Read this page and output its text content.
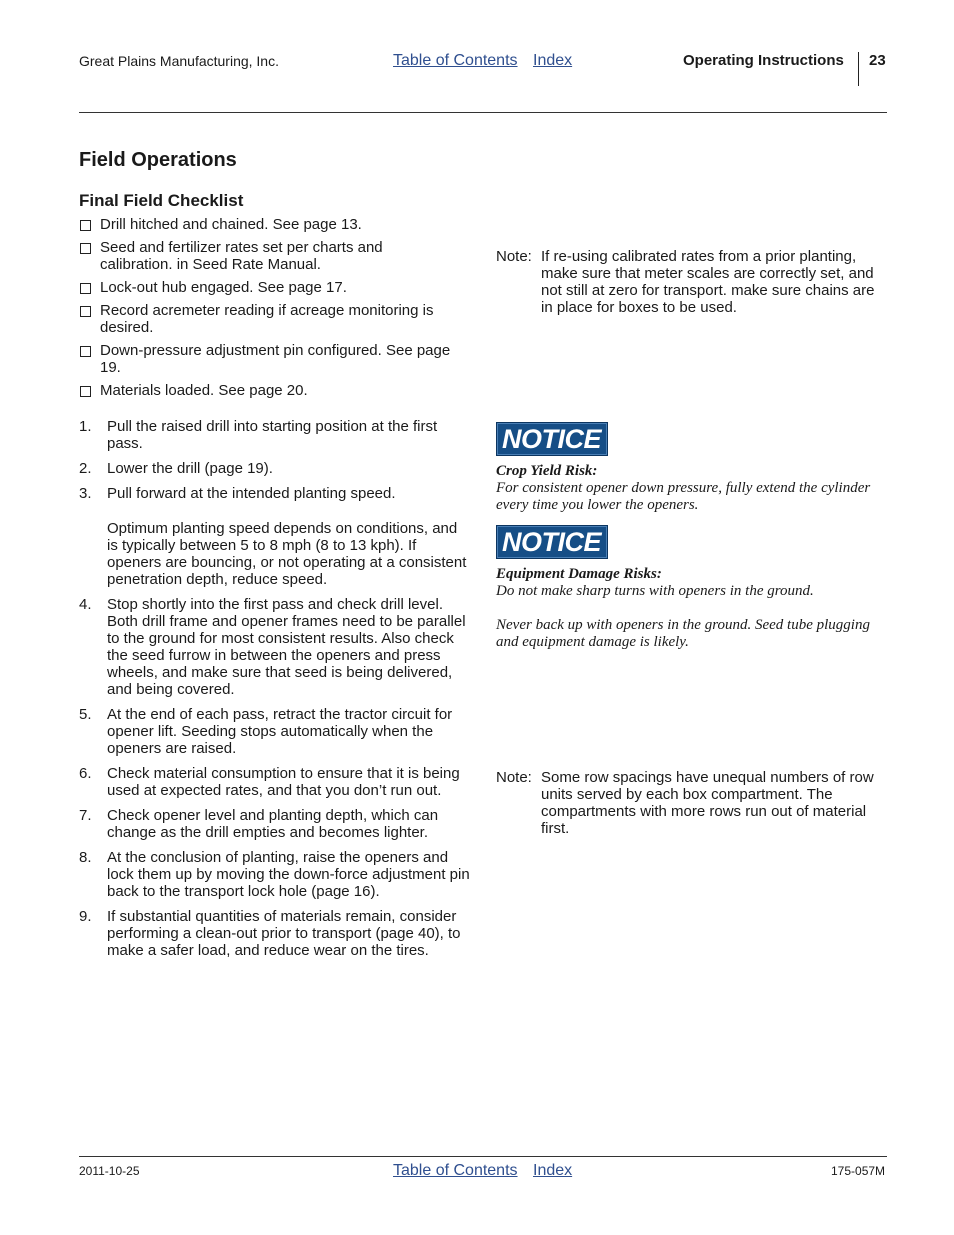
Great Plains Manufacturing, Inc.	Table of Contents Index	Operating Instructions 23
Field Operations
Final Field Checklist
Drill hitched and chained. See page 13.
Seed and fertilizer rates set per charts and calibration. in Seed Rate Manual.
Lock-out hub engaged. See page 17.
Record acremeter reading if acreage monitoring is desired.
Down-pressure adjustment pin configured. See page 19.
Materials loaded. See page 20.
1.	Pull the raised drill into starting position at the first pass.

2.	Lower the drill (page 19).

3.	Pull forward at the intended planting speed.

Optimum planting speed depends on conditions, and is typically between 5 to 8 mph (8 to 13 kph). If openers are bouncing, or not operating at a consistent penetration depth, reduce speed.

4.	Stop shortly into the first pass and check drill level. Both drill frame and opener frames need to be parallel to the ground for most consistent results. Also check the seed furrow in between the openers and press wheels, and make sure that seed is being delivered, and being covered.

5.	At the end of each pass, retract the tractor circuit for opener lift. Seeding stops automatically when the openers are raised.

6.	Check material consumption to ensure that it is being used at expected rates, and that you don’t run out.

7.	Check opener level and planting depth, which can change as the drill empties and becomes lighter.

8.	At the conclusion of planting, raise the openers and lock them up by moving the down-force adjustment pin back to the transport lock hole (page 16).

9.	If substantial quantities of materials remain, consider performing a clean-out prior to transport (page 40), to make a safer load, and reduce wear on the tires.

Note: If re-using calibrated rates from a prior planting, make sure that meter scales are correctly set, and not still at zero for transport. make sure chains are in place for boxes to be used.
NOTICE

Crop Yield Risk:

For consistent opener down pressure, fully extend the cylinder every time you lower the openers.

NOTICE

Equipment Damage Risks:

Do not make sharp turns with openers in the ground.

Never back up with openers in the ground. Seed tube plugging and equipment damage is likely.

Note: Some row spacings have unequal numbers of row units served by each box compartment. The compartments with more rows run out of material first.
2011-10-25	Table of Contents Index	175-057M
